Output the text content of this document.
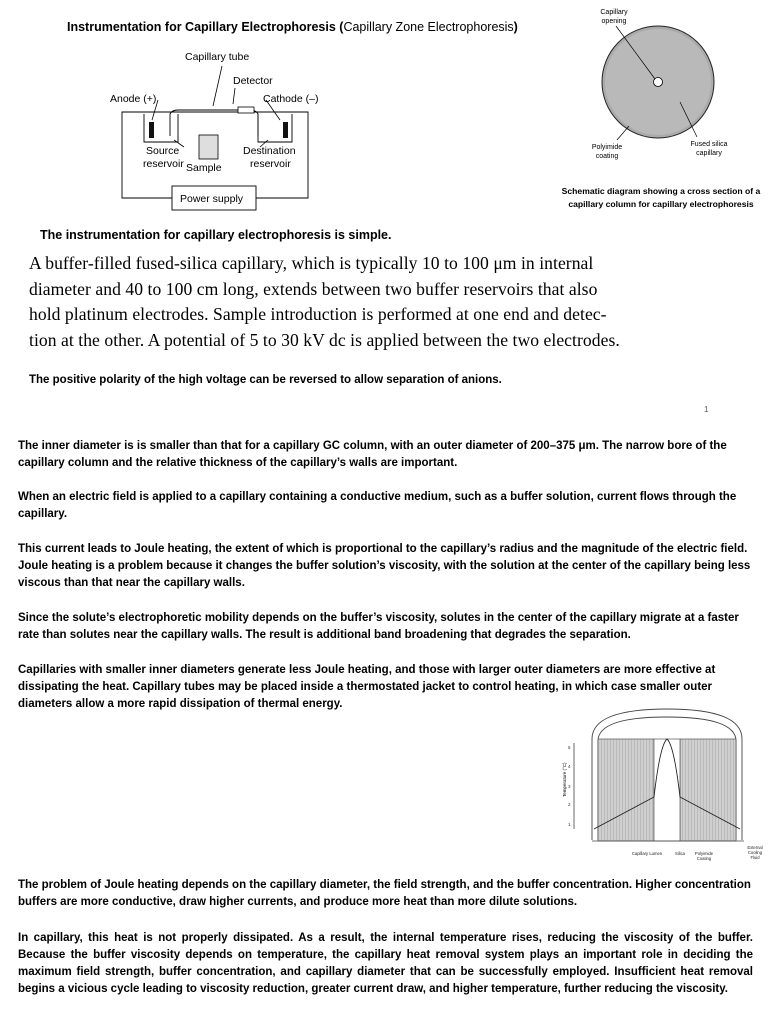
Instrumentation for Capillary Electrophoresis (Capillary Zone Electrophoresis)
Capillary tube
Detector
Anode (+)	Cathode (–)
Source
reservoir Sample
Destination
reservoir
Power supply
Capillary
opening
Polyimide
coating
Fused silica
capillary
Schematic diagram showing a cross section of a capillary column for capillary electrophoresis
The instrumentation for capillary electrophoresis is simple.
A buffer-filled fused-silica capillary, which is typically 10 to 100 μm in internal
diameter and 40 to 100 cm long, extends between two buffer reservoirs that also
hold platinum electrodes. Sample introduction is performed at one end and detec-
tion at the other. A potential of 5 to 30 kV dc is applied between the two electrodes.
The positive polarity of the high voltage can be reversed to allow separation of anions.
1
The inner diameter is is smaller than that for a capillary GC column, with an outer diameter of 200–375 μm. The narrow bore of the capillary column and the relative thickness of the capillary’s walls are important.
When an electric field is applied to a capillary containing a conductive medium, such as a buffer solution, current flows through the capillary.
This current leads to Joule heating, the extent of which is proportional to the capillary’s radius and the magnitude of the electric field. Joule heating is a problem because it changes the buffer solution’s viscosity, with the solution at the center of the capillary being less viscous than that near the capillary walls.
Since the solute’s electrophoretic mobility depends on the buffer’s viscosity, solutes in the center of the capillary migrate at a faster rate than solutes near the capillary walls. The result is additional band broadening that degrades the separation.
Capillaries with smaller inner diameters generate less Joule heating, and those with larger outer diameters are more effective at dissipating the heat. Capillary tubes may be placed inside a thermostated jacket to control heating, in which case smaller outer diameters allow a more rapid dissipation of thermal energy.
Temperature (°C)
1
2
3
4
5
Capillary Lumen	Silica Polyimide
Coating
External
Cooling
Fluid
The problem of Joule heating depends on the capillary diameter, the field strength, and the buffer concentration. Higher concentration buffers are more conductive, draw higher currents, and produce more heat than more dilute solutions.
In capillary, this heat is not properly dissipated. As a result, the internal temperature rises, reducing the viscosity of the buffer. Because the buffer viscosity depends on temperature, the capillary heat removal system plays an important role in deciding the maximum field strength, buffer concentration, and capillary diameter that can be successfully employed. Insufficient heat removal begins a vicious cycle leading to viscosity reduction, greater current draw, and higher temperature, further reducing the viscosity.
